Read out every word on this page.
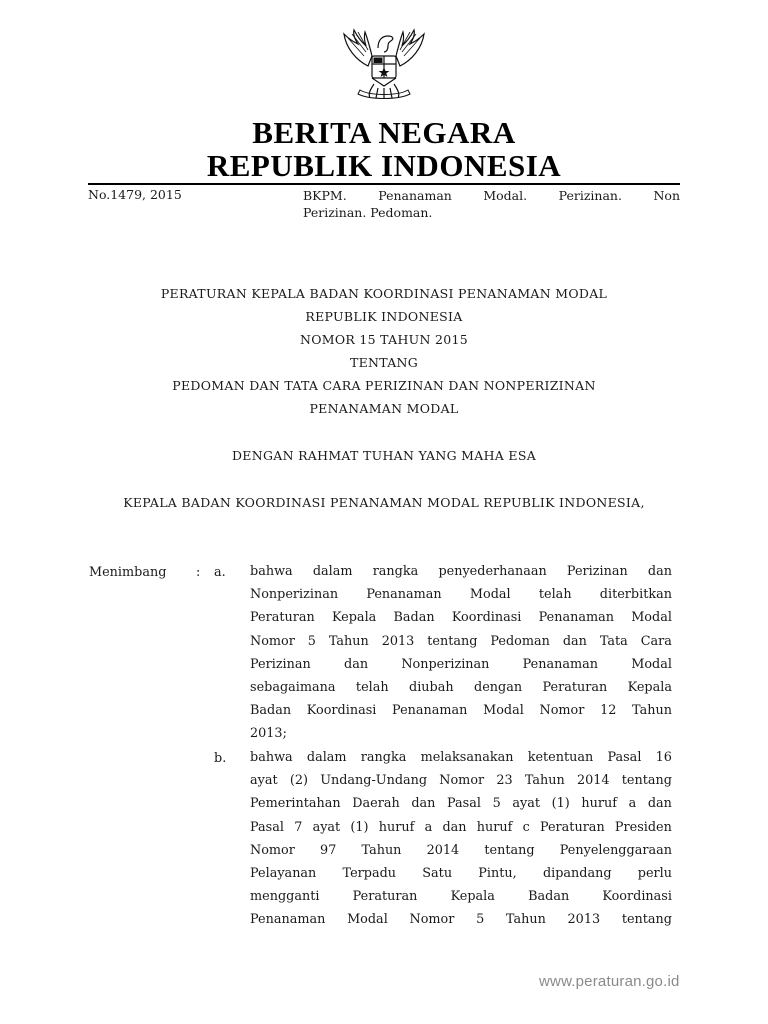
BERITA NEGARA
REPUBLIK INDONESIA
No.1479, 2015	BKPM.	Penanaman	Modal.	Perizinan.	Non
Perizinan. Pedoman.
PERATURAN KEPALA BADAN KOORDINASI PENANAMAN MODAL
REPUBLIK INDONESIA
NOMOR 15 TAHUN 2015
TENTANG
PEDOMAN DAN TATA CARA PERIZINAN DAN NONPERIZINAN
PENANAMAN MODAL
DENGAN RAHMAT TUHAN YANG MAHA ESA
KEPALA BADAN KOORDINASI PENANAMAN MODAL REPUBLIK INDONESIA,
Menimbang : a. bahwa dalam rangka penyederhanaan Perizinan dan
Nonperizinan Penanaman Modal telah diterbitkan
Peraturan Kepala Badan Koordinasi Penanaman Modal
Nomor 5 Tahun 2013 tentang Pedoman dan Tata Cara
Perizinan	dan	Nonperizinan	Penanaman	Modal
sebagaimana telah diubah dengan Peraturan Kepala
Badan Koordinasi Penanaman Modal Nomor 12 Tahun
2013;
b. bahwa dalam rangka melaksanakan ketentuan Pasal 16
ayat (2) Undang-Undang Nomor 23 Tahun 2014 tentang
Pemerintahan Daerah dan Pasal 5 ayat (1) huruf a dan
Pasal 7 ayat (1) huruf a dan huruf c Peraturan Presiden
Nomor 97 Tahun 2014 tentang Penyelenggaraan
Pelayanan Terpadu Satu Pintu, dipandang perlu
mengganti	Peraturan	Kepala	Badan	Koordinasi
Penanaman Modal Nomor 5 Tahun 2013 tentang
www.peraturan.go.id
